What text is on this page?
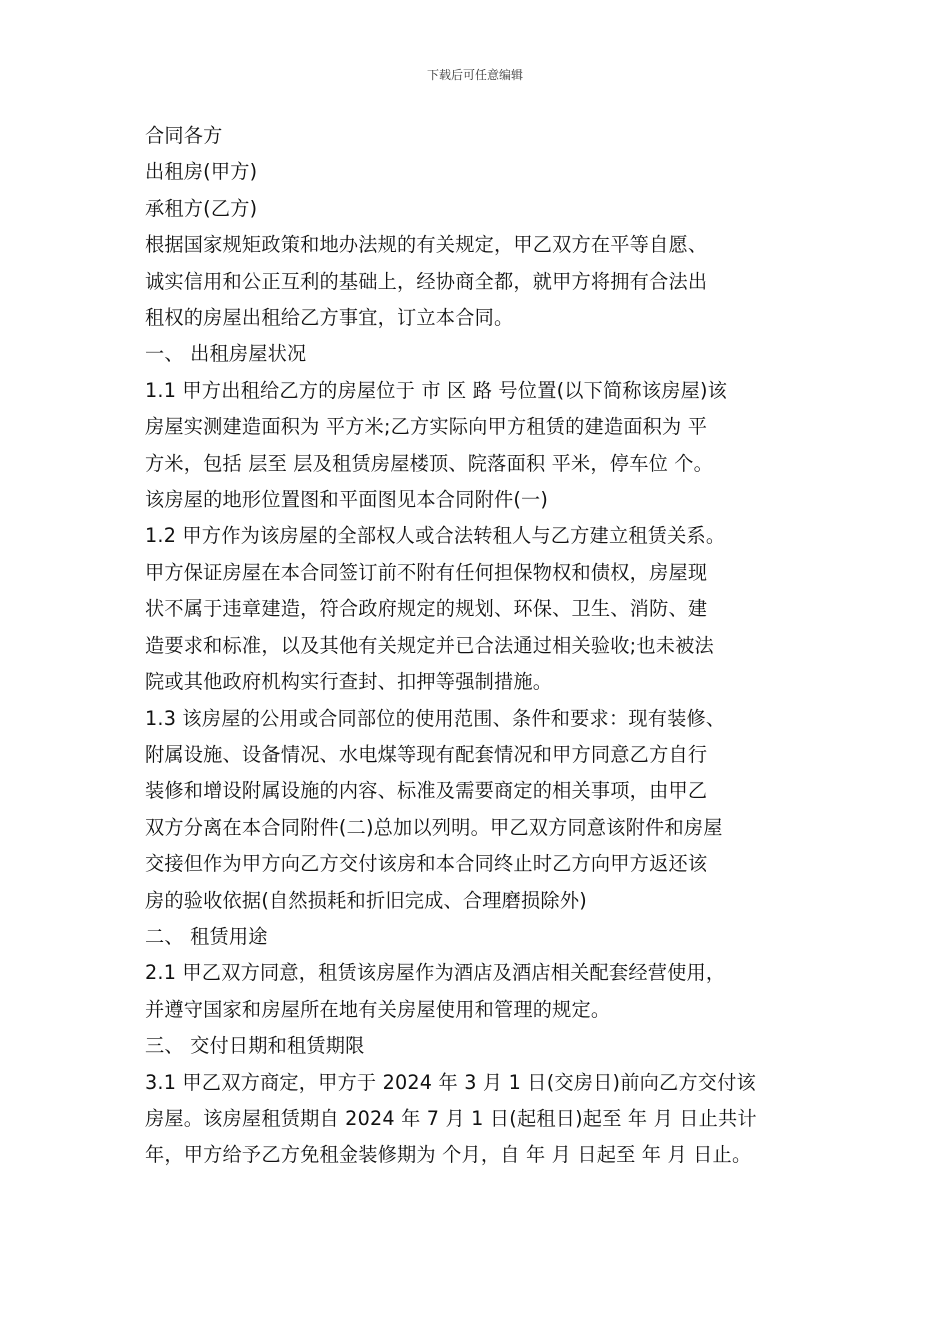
下载后可任意编辑

合同各方

出租房(甲方)

承租方(乙方)

根据国家规矩政策和地办法规的有关规定，甲乙双方在平等自愿、

诚实信用和公正互利的基础上，经协商全都，就甲方将拥有合法出

租权的房屋出租给乙方事宜，订立本合同。

一、 出租房屋状况

1.1 甲方出租给乙方的房屋位于 市 区 路 号位置(以下简称该房屋)该

房屋实测建造面积为 平方米;乙方实际向甲方租赁的建造面积为 平

方米，包括 层至 层及租赁房屋楼顶、院落面积 平米，停车位 个。

该房屋的地形位置图和平面图见本合同附件(一)

1.2 甲方作为该房屋的全部权人或合法转租人与乙方建立租赁关系。

甲方保证房屋在本合同签订前不附有任何担保物权和债权，房屋现

状不属于违章建造，符合政府规定的规划、环保、卫生、消防、建

造要求和标准，以及其他有关规定并已合法通过相关验收;也未被法

院或其他政府机构实行查封、扣押等强制措施。

1.3 该房屋的公用或合同部位的使用范围、条件和要求：现有装修、

附属设施、设备情况、水电煤等现有配套情况和甲方同意乙方自行

装修和增设附属设施的内容、标准及需要商定的相关事项，由甲乙

双方分离在本合同附件(二)总加以列明。甲乙双方同意该附件和房屋

交接但作为甲方向乙方交付该房和本合同终止时乙方向甲方返还该

房的验收依据(自然损耗和折旧完成、合理磨损除外)

二、 租赁用途

2.1 甲乙双方同意，租赁该房屋作为酒店及酒店相关配套经营使用，

并遵守国家和房屋所在地有关房屋使用和管理的规定。

三、 交付日期和租赁期限

3.1 甲乙双方商定，甲方于 2024 年 3 月 1 日(交房日)前向乙方交付该

房屋。该房屋租赁期自 2024 年 7 月 1 日(起租日)起至 年 月 日止共计

年，甲方给予乙方免租金装修期为 个月，自 年 月 日起至 年 月 日止。
